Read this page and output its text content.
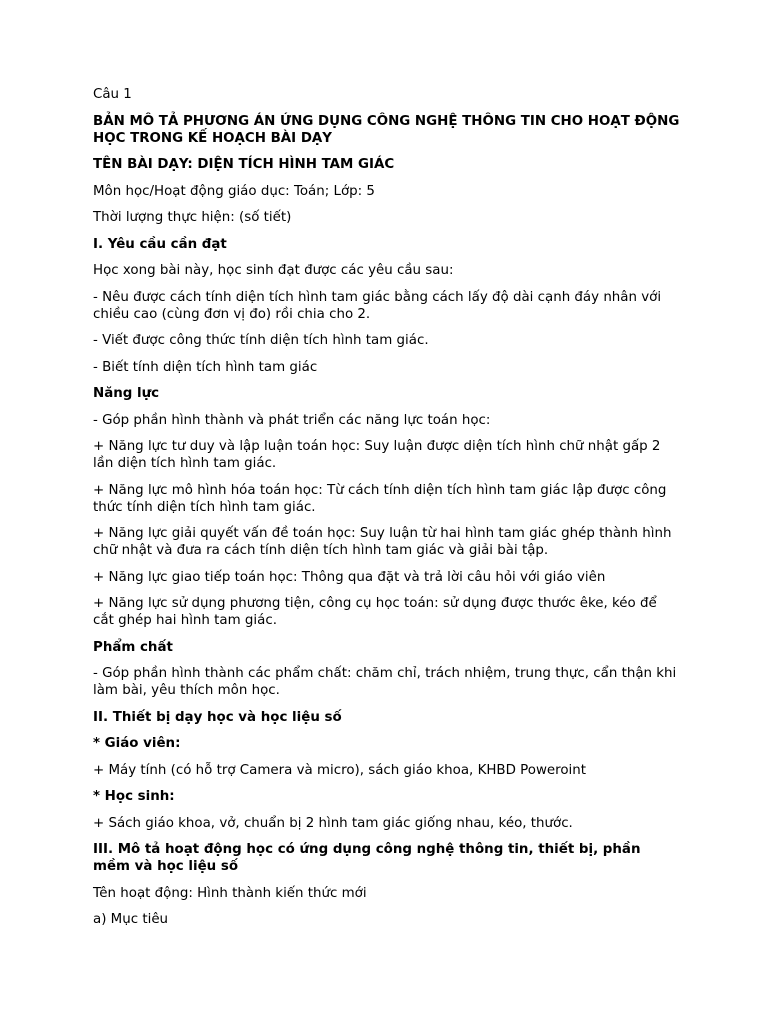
Câu 1

BẢN MÔ TẢ PHƯƠNG ÁN ỨNG DỤNG CÔNG NGHỆ THÔNG TIN CHO HOẠT ĐỘNG HỌC TRONG KẾ HOẠCH BÀI DẠY

TÊN BÀI DẠY: DIỆN TÍCH HÌNH TAM GIÁC

Môn học/Hoạt động giáo dục: Toán; Lớp: 5

Thời lượng thực hiện: (số tiết)

I. Yêu cầu cần đạt

Học xong bài này, học sinh đạt được các yêu cầu sau:

- Nêu được cách tính diện tích hình tam giác bằng cách lấy độ dài cạnh đáy nhân với chiều cao (cùng đơn vị đo) rồi chia cho 2.

- Viết được công thức tính diện tích hình tam giác.

- Biết tính diện tích hình tam giác

Năng lực

- Góp phần hình thành và phát triển các năng lực toán học:

+ Năng lực tư duy và lập luận toán học: Suy luận được diện tích hình chữ nhật gấp 2 lần diện tích hình tam giác.

+ Năng lực mô hình hóa toán học: Từ cách tính diện tích hình tam giác lập được công thức tính diện tích hình tam giác.

+ Năng lực giải quyết vấn đề toán học: Suy luận từ hai hình tam giác ghép thành hình chữ nhật và đưa ra cách tính diện tích hình tam giác và giải bài tập.

+ Năng lực giao tiếp toán học: Thông qua đặt và trả lời câu hỏi với giáo viên

+ Năng lực sử dụng phương tiện, công cụ học toán: sử dụng được thước êke, kéo để cắt ghép hai hình tam giác.

Phẩm chất

- Góp phần hình thành các phẩm chất: chăm chỉ, trách nhiệm, trung thực, cẩn thận khi làm bài, yêu thích môn học.

II. Thiết bị dạy học và học liệu số

* Giáo viên:

+ Máy tính (có hỗ trợ Camera và micro), sách giáo khoa, KHBD Poweroint

* Học sinh:

+ Sách giáo khoa, vở, chuẩn bị 2 hình tam giác giống nhau, kéo, thước.

III. Mô tả hoạt động học có ứng dụng công nghệ thông tin, thiết bị, phần mềm và học liệu số

Tên hoạt động: Hình thành kiến thức mới

a) Mục tiêu
